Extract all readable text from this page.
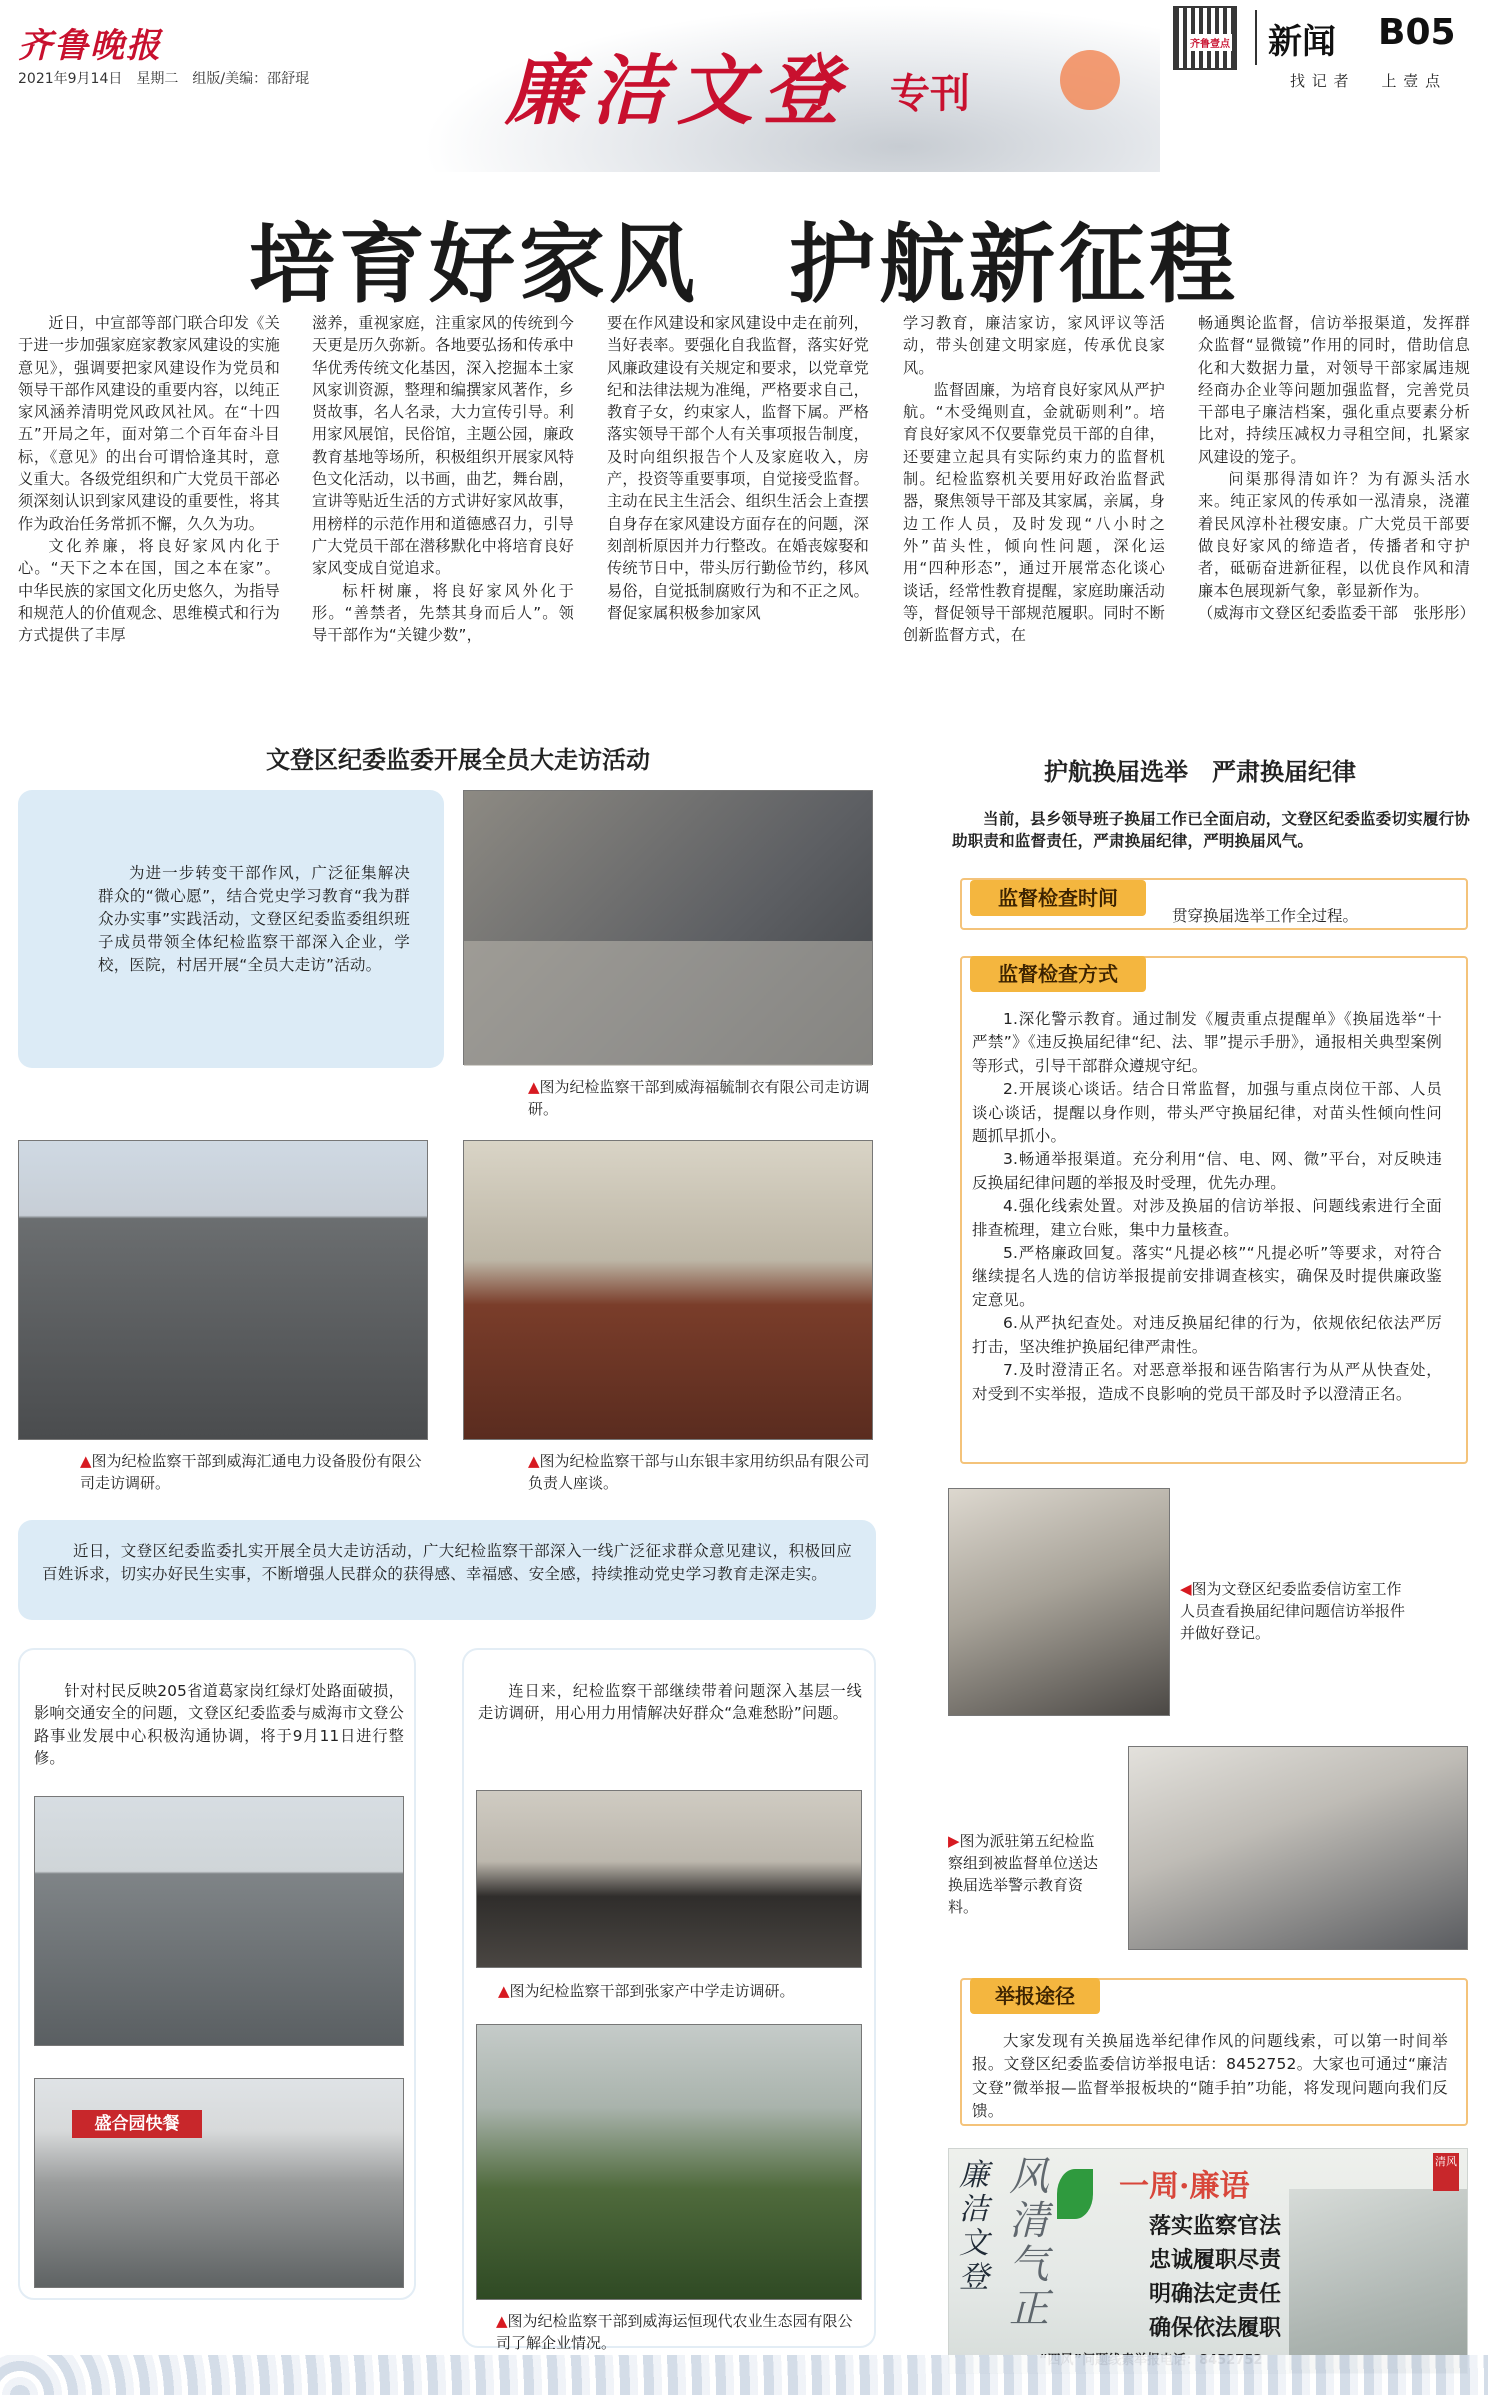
齐鲁晚报
2021年9月14日　星期二　组版/美编：邵舒琨	廉洁文登 专刊
齐鲁壹点 新闻 B05
找 记 者　　上 壹 点
培育好家风　护航新征程

近日，中宣部等部门联合印发《关于进一步加强家庭家教家风建设的实施意见》，强调要把家风建设作为党员和领导干部作风建设的重要内容，以纯正家风涵养清明党风政风社风。在“十四五”开局之年，面对第二个百年奋斗目标，《意见》的出台可谓恰逢其时，意义重大。各级党组织和广大党员干部必须深刻认识到家风建设的重要性，将其作为政治任务常抓不懈，久久为功。

文化养廉，将良好家风内化于心。“天下之本在国，国之本在家”。中华民族的家国文化历史悠久，为指导和规范人的价值观念、思维模式和行为方式提供了丰厚

滋养，重视家庭，注重家风的传统到今天更是历久弥新。各地要弘扬和传承中华优秀传统文化基因，深入挖掘本土家风家训资源，整理和编撰家风著作，乡贤故事，名人名录，大力宣传引导。利用家风展馆，民俗馆，主题公园，廉政教育基地等场所，积极组织开展家风特色文化活动，以书画，曲艺，舞台剧，宣讲等贴近生活的方式讲好家风故事，用榜样的示范作用和道德感召力，引导广大党员干部在潜移默化中将培育良好家风变成自觉追求。

标杆树廉，将良好家风外化于形。“善禁者，先禁其身而后人”。领导干部作为“关键少数”，

要在作风建设和家风建设中走在前列，当好表率。要强化自我监督，落实好党风廉政建设有关规定和要求，以党章党纪和法律法规为准绳，严格要求自己，教育子女，约束家人，监督下属。严格落实领导干部个人有关事项报告制度，及时向组织报告个人及家庭收入，房产，投资等重要事项，自觉接受监督。主动在民主生活会、组织生活会上查摆自身存在家风建设方面存在的问题，深刻剖析原因并力行整改。在婚丧嫁娶和传统节日中，带头厉行勤俭节约，移风易俗，自觉抵制腐败行为和不正之风。督促家属积极参加家风

学习教育，廉洁家访，家风评议等活动，带头创建文明家庭，传承优良家风。

监督固廉，为培育良好家风从严护航。“木受绳则直，金就砺则利”。培育良好家风不仅要靠党员干部的自律，还要建立起具有实际约束力的监督机制。纪检监察机关要用好政治监督武器，聚焦领导干部及其家属，亲属，身边工作人员，及时发现“八小时之外”苗头性，倾向性问题，深化运用“四种形态”，通过开展常态化谈心谈话，经常性教育提醒，家庭助廉活动等，督促领导干部规范履职。同时不断创新监督方式，在

畅通舆论监督，信访举报渠道，发挥群众监督“显微镜”作用的同时，借助信息化和大数据力量，对领导干部家属违规经商办企业等问题加强监督，完善党员干部电子廉洁档案，强化重点要素分析比对，持续压减权力寻租空间，扎紧家风建设的笼子。

问渠那得清如许？为有源头活水来。纯正家风的传承如一泓清泉，浇灌着民风淳朴社稷安康。广大党员干部要做良好家风的缔造者，传播者和守护者，砥砺奋进新征程，以优良作风和清廉本色展现新气象，彰显新作为。

（威海市文登区纪委监委干部　张彤彤）

文登区纪委监委开展全员大走访活动

为进一步转变干部作风，广泛征集解决群众的“微心愿”，结合党史学习教育“我为群众办实事”实践活动，文登区纪委监委组织班子成员带领全体纪检监察干部深入企业，学校，医院，村居开展“全员大走访”活动。

▲图为纪检监察干部到威海福毓制衣有限公司走访调研。
▲图为纪检监察干部到威海汇通电力设备股份有限公司走访调研。
▲图为纪检监察干部与山东银丰家用纺织品有限公司负责人座谈。

近日，文登区纪委监委扎实开展全员大走访活动，广大纪检监察干部深入一线广泛征求群众意见建议，积极回应百姓诉求，切实办好民生实事，不断增强人民群众的获得感、幸福感、安全感，持续推动党史学习教育走深走实。

针对村民反映205省道葛家岗红绿灯处路面破损，影响交通安全的问题，文登区纪委监委与威海市文登公路事业发展中心积极沟通协调，将于9月11日进行整修。

盛合园快餐

连日来，纪检监察干部继续带着问题深入基层一线走访调研，用心用力用情解决好群众“急难愁盼”问题。

▲图为纪检监察干部到张家产中学走访调研。
▲图为纪检监察干部到威海运恒现代农业生态园有限公司了解企业情况。
护航换届选举　严肃换届纪律

当前，县乡领导班子换届工作已全面启动，文登区纪委监委切实履行协助职责和监督责任，严肃换届纪律，严明换届风气。

监督检查时间
贯穿换届选举工作全过程。
监督检查方式

1.深化警示教育。通过制发《履责重点提醒单》《换届选举“十严禁”》《违反换届纪律“纪、法、罪”提示手册》，通报相关典型案例等形式，引导干部群众遵规守纪。

2.开展谈心谈话。结合日常监督，加强与重点岗位干部、人员谈心谈话，提醒以身作则，带头严守换届纪律，对苗头性倾向性问题抓早抓小。

3.畅通举报渠道。充分利用“信、电、网、微”平台，对反映违反换届纪律问题的举报及时受理，优先办理。

4.强化线索处置。对涉及换届的信访举报、问题线索进行全面排查梳理，建立台账，集中力量核查。

5.严格廉政回复。落实“凡提必核”“凡提必听”等要求，对符合继续提名人选的信访举报提前安排调查核实，确保及时提供廉政鉴定意见。

6.从严执纪查处。对违反换届纪律的行为，依规依纪依法严厉打击，坚决维护换届纪律严肃性。

7.及时澄清正名。对恶意举报和诬告陷害行为从严从快查处，对受到不实举报，造成不良影响的党员干部及时予以澄清正名。

◀图为文登区纪委监委信访室工作人员查看换届纪律问题信访举报件并做好登记。
▶图为派驻第五纪检监察组到被监督单位送达换届选举警示教育资料。
举报途径

大家发现有关换届选举纪律作风的问题线索，可以第一时间举报。文登区纪委监委信访举报电话：8452752。大家也可通过“廉洁文登”微举报—监督举报板块的“随手拍”功能，将发现问题向我们反馈。

廉洁文登
风清气正
一周·廉语
落实监察官法
忠诚履职尽责
明确法定责任
确保依法履职
清风
